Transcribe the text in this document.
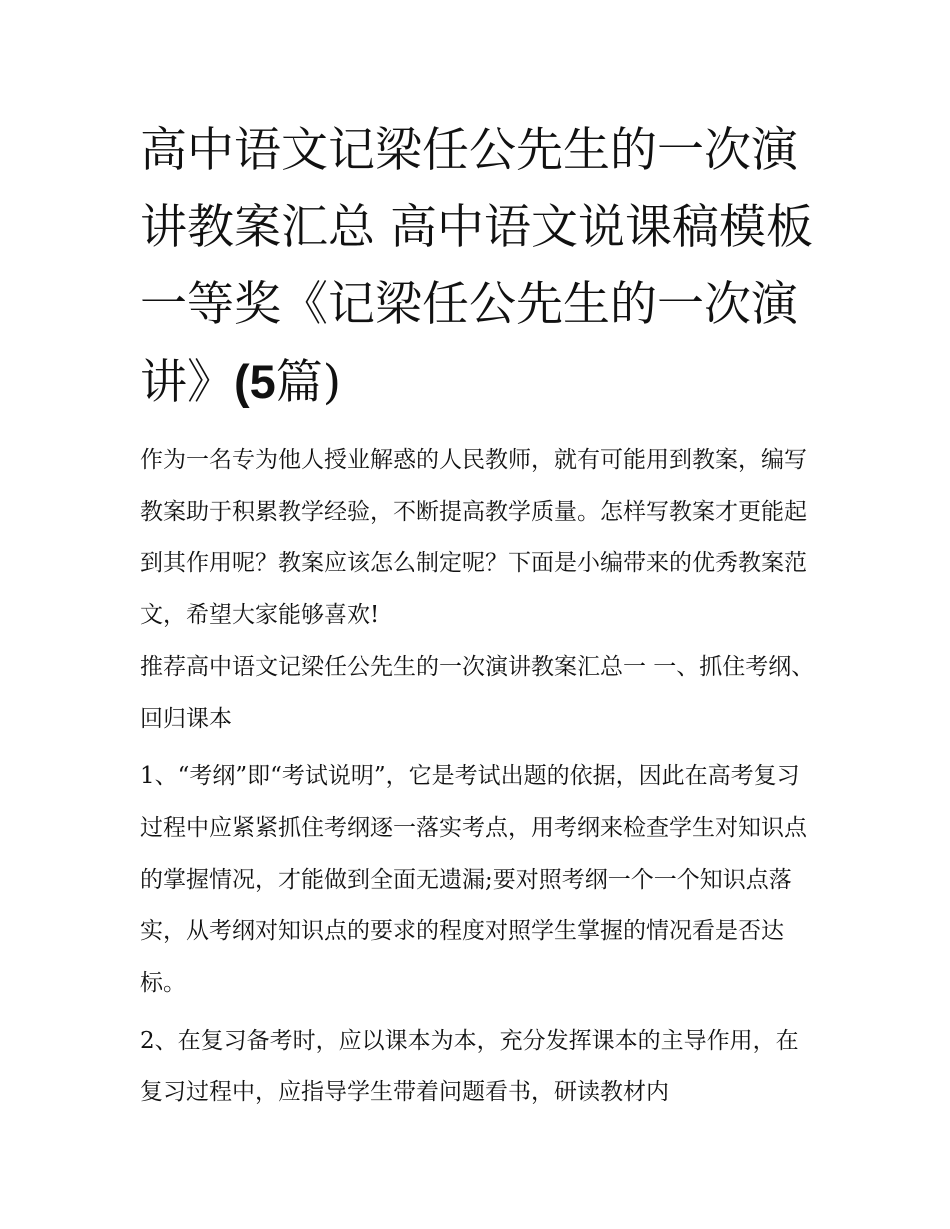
高中语文记梁任公先生的一次演讲教案汇总 高中语文说课稿模板一等奖《记梁任公先生的一次演讲》(5篇)

作为一名专为他人授业解惑的人民教师，就有可能用到教案，编写教案助于积累教学经验，不断提高教学质量。怎样写教案才更能起到其作用呢？教案应该怎么制定呢？下面是小编带来的优秀教案范文，希望大家能够喜欢!

推荐高中语文记梁任公先生的一次演讲教案汇总一 一、抓住考纲、回归课本

1、“考纲”即“考试说明”，它是考试出题的依据，因此在高考复习过程中应紧紧抓住考纲逐一落实考点，用考纲来检查学生对知识点的掌握情况，才能做到全面无遗漏;要对照考纲一个一个知识点落实，从考纲对知识点的要求的程度对照学生掌握的情况看是否达标。

2、在复习备考时，应以课本为本，充分发挥课本的主导作用，在复习过程中，应指导学生带着问题看书，研读教材内
